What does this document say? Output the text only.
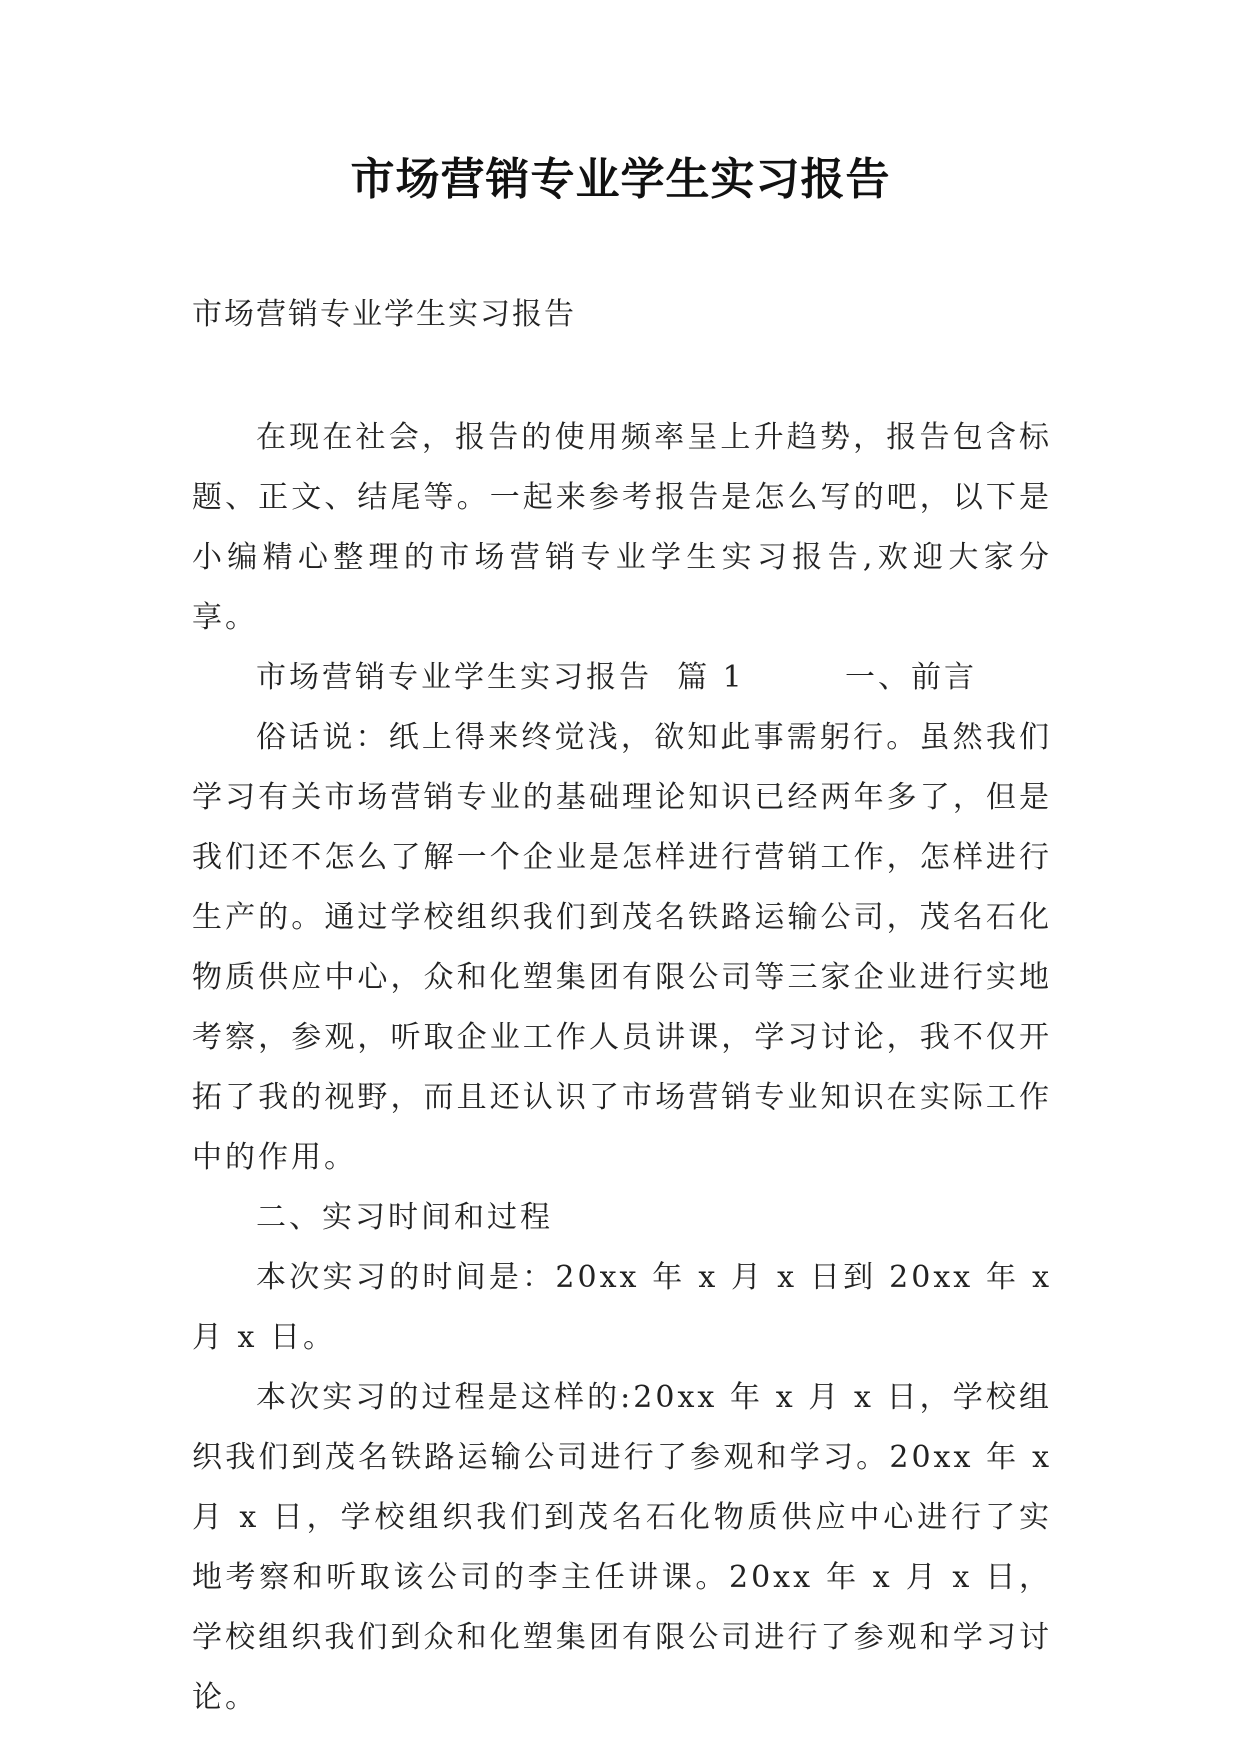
市场营销专业学生实习报告
市场营销专业学生实习报告

在现在社会，报告的使用频率呈上升趋势，报告包含标题、正文、结尾等。一起来参考报告是怎么写的吧，以下是小编精心整理的市场营销专业学生实习报告,欢迎大家分享。

市场营销专业学生实习报告  篇 1        一、前言

俗话说：纸上得来终觉浅，欲知此事需躬行。虽然我们学习有关市场营销专业的基础理论知识已经两年多了，但是我们还不怎么了解一个企业是怎样进行营销工作，怎样进行生产的。通过学校组织我们到茂名铁路运输公司，茂名石化物质供应中心，众和化塑集团有限公司等三家企业进行实地考察，参观，听取企业工作人员讲课，学习讨论，我不仅开拓了我的视野，而且还认识了市场营销专业知识在实际工作中的作用。

二、实习时间和过程

本次实习的时间是：20xx 年 x 月 x 日到 20xx 年 x 月 x 日。

本次实习的过程是这样的:20xx 年 x 月 x 日，学校组织我们到茂名铁路运输公司进行了参观和学习。20xx 年 x 月 x 日，学校组织我们到茂名石化物质供应中心进行了实地考察和听取该公司的李主任讲课。20xx 年 x 月 x 日，学校组织我们到众和化塑集团有限公司进行了参观和学习讨论。
